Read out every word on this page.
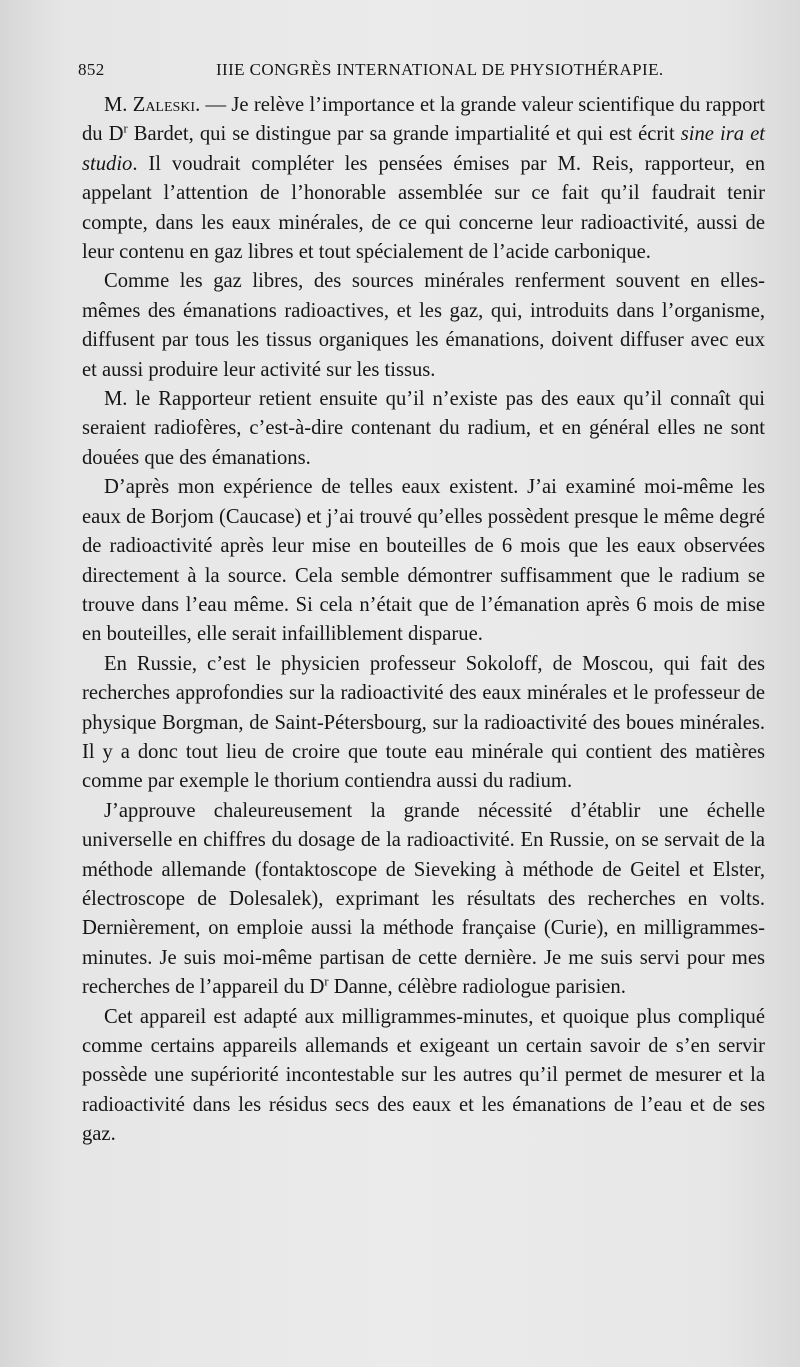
852	IIIE CONGRÈS INTERNATIONAL DE PHYSIOTHÉRAPIE.

M. Zaleski. — Je relève l’importance et la grande valeur scientifique du rapport du $D^r$ Bardet, qui se distingue par sa grande impartialité et qui est écrit sine ira et studio. Il voudrait compléter les pensées émises par M. Reis, rapporteur, en appelant l’attention de l’honorable assemblée sur ce fait qu’il faudrait tenir compte, dans les eaux minérales, de ce qui concerne leur radioactivité, aussi de leur contenu en gaz libres et tout spécialement de l’acide carbonique.

Comme les gaz libres, des sources minérales renferment souvent en elles-mêmes des émanations radioactives, et les gaz, qui, introduits dans l’organisme, diffusent par tous les tissus organiques les émanations, doivent diffuser avec eux et aussi produire leur activité sur les tissus.

M. le Rapporteur retient ensuite qu’il n’existe pas des eaux qu’il connaît qui seraient radiofères, c’est-à-dire contenant du radium, et en général elles ne sont douées que des émanations.

D’après mon expérience de telles eaux existent. J’ai examiné moi-même les eaux de Borjom (Caucase) et j’ai trouvé qu’elles possèdent presque le même degré de radioactivité après leur mise en bouteilles de 6 mois que les eaux observées directement à la source. Cela semble démontrer suffisamment que le radium se trouve dans l’eau même. Si cela n’était que de l’émanation après 6 mois de mise en bouteilles, elle serait infailliblement disparue.

En Russie, c’est le physicien professeur Sokoloff, de Moscou, qui fait des recherches approfondies sur la radioactivité des eaux minérales et le professeur de physique Borgman, de Saint-Pétersbourg, sur la radioactivité des boues minérales. Il y a donc tout lieu de croire que toute eau minérale qui contient des matières comme par exemple le thorium contiendra aussi du radium.

J’approuve chaleureusement la grande nécessité d’établir une échelle universelle en chiffres du dosage de la radioactivité. En Russie, on se servait de la méthode allemande (fontaktoscope de Sieveking à méthode de Geitel et Elster, électroscope de Dolesalek), exprimant les résultats des recherches en volts. Dernièrement, on emploie aussi la méthode française (Curie), en milligrammes-minutes. Je suis moi-même partisan de cette dernière. Je me suis servi pour mes recherches de l’appareil du $D^r$ Danne, célèbre radiologue parisien.

Cet appareil est adapté aux milligrammes-minutes, et quoique plus compliqué comme certains appareils allemands et exigeant un certain savoir de s’en servir possède une supériorité incontestable sur les autres qu’il permet de mesurer et la radioactivité dans les résidus secs des eaux et les émanations de l’eau et de ses gaz.
